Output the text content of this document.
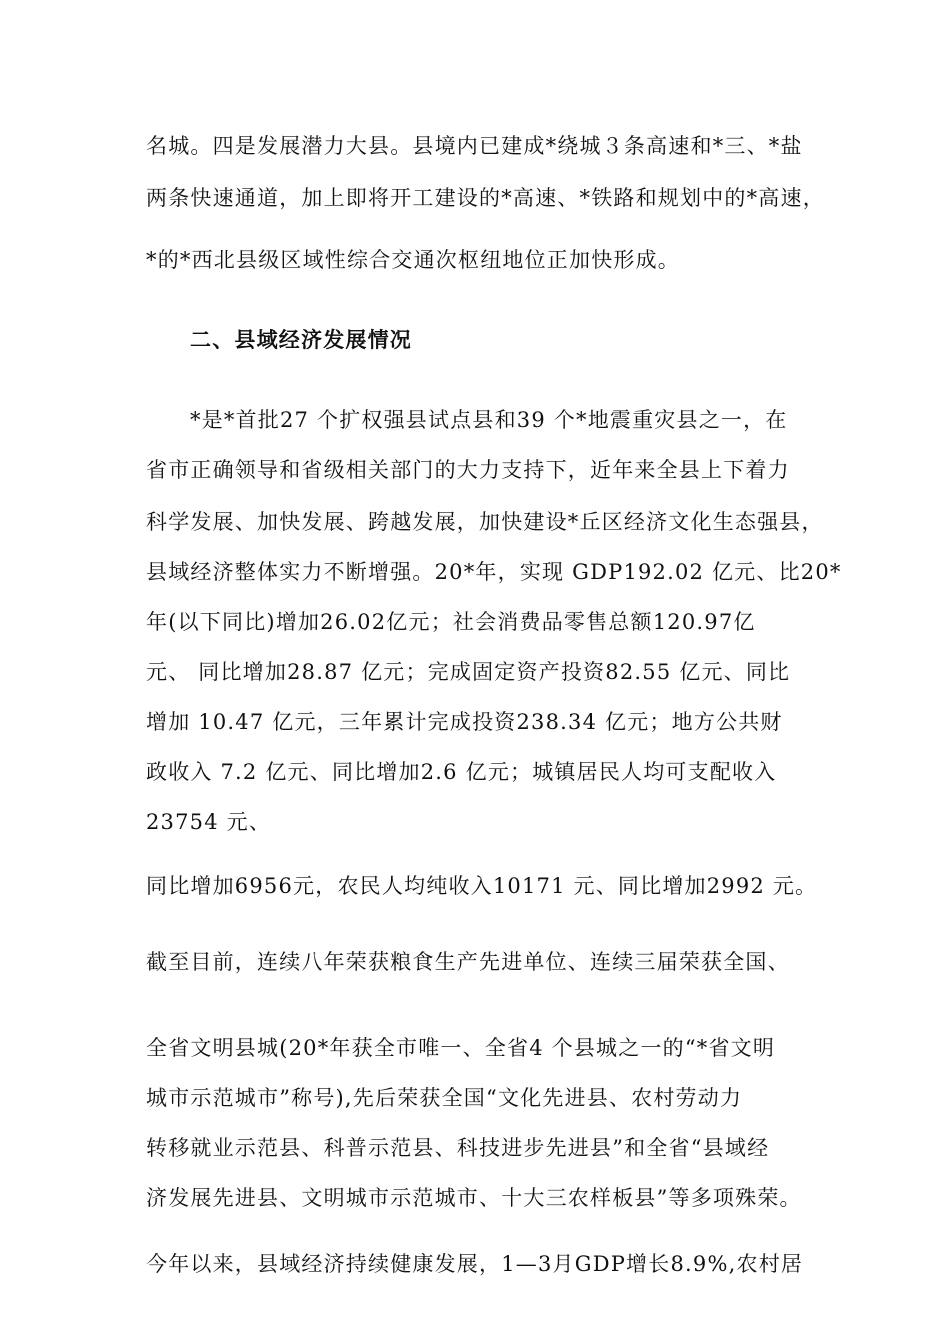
名城。四是发展潜力大县。县境内已建成*绕城３条高速和*三、*盐
两条快速通道，加上即将开工建设的*高速、*铁路和规划中的*高速，
*的*西北县级区域性综合交通次枢纽地位正加快形成。
二、县域经济发展情况
*是*首批27 个扩权强县试点县和39 个*地震重灾县之一，在
省市正确领导和省级相关部门的大力支持下，近年来全县上下着力
科学发展、加快发展、跨越发展，加快建设*丘区经济文化生态强县，
县域经济整体实力不断增强。20*年，实现 GDP192.02 亿元、比20*
年(以下同比)增加26.02亿元；社会消费品零售总额120.97亿
元、 同比增加28.87 亿元；完成固定资产投资82.55 亿元、同比
增加 10.47 亿元，三年累计完成投资238.34 亿元；地方公共财
政收入 7.2 亿元、同比增加2.6 亿元；城镇居民人均可支配收入
23754 元、
同比增加6956元，农民人均纯收入10171 元、同比增加2992 元。
截至目前，连续八年荣获粮食生产先进单位、连续三届荣获全国、
全省文明县城(20*年获全市唯一、全省4 个县城之一的“*省文明
城市示范城市”称号),先后荣获全国“文化先进县、农村劳动力
转移就业示范县、科普示范县、科技进步先进县”和全省“县域经
济发展先进县、文明城市示范城市、十大三农样板县”等多项殊荣。
今年以来，县域经济持续健康发展，1—3月GDP增长8.9%,农村居
